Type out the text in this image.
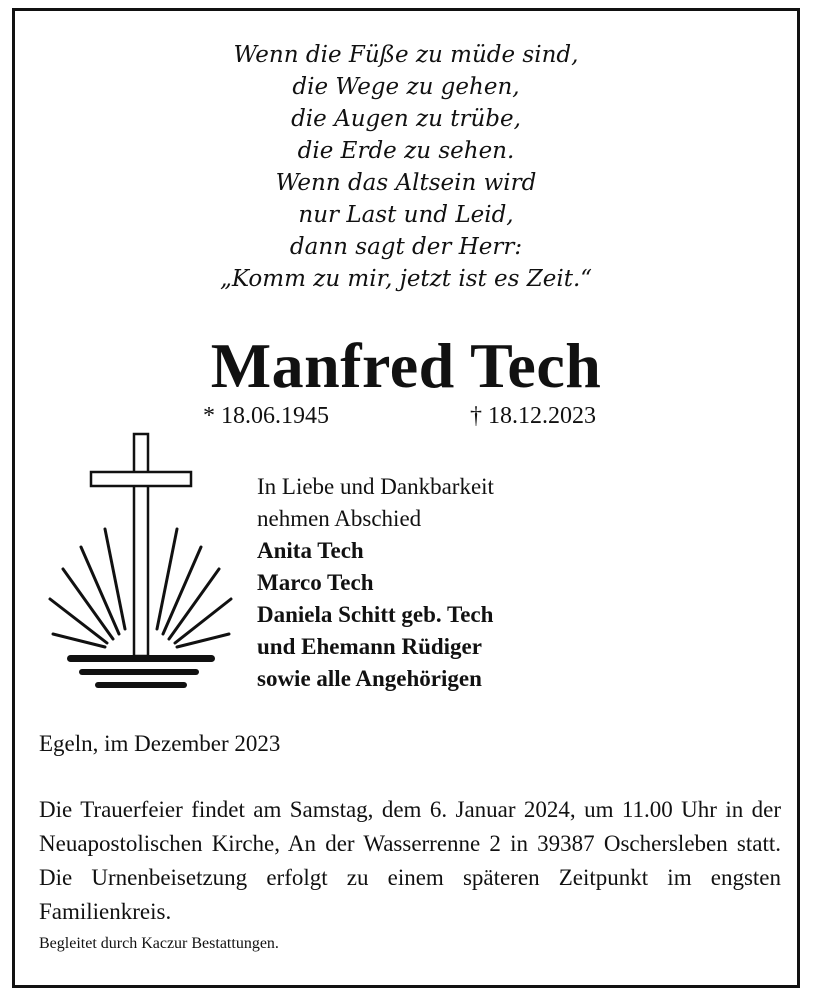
Wenn die Füße zu müde sind,
die Wege zu gehen,
die Augen zu trübe,
die Erde zu sehen.
Wenn das Altsein wird
nur Last und Leid,
dann sagt der Herr:
„Komm zu mir, jetzt ist es Zeit.“
Manfred Tech
* 18.06.1945	† 18.12.2023
In Liebe und Dankbarkeit
nehmen Abschied
Anita Tech
Marco Tech
Daniela Schitt geb. Tech
und Ehemann Rüdiger
sowie alle Angehörigen
Egeln, im Dezember 2023
Die Trauerfeier findet am Samstag, dem 6. Januar 2024, um 11.00 Uhr in der Neuapostolischen Kirche, An der Wasserrenne 2 in 39387 Oschersleben statt. Die Urnenbeisetzung erfolgt zu einem späteren Zeitpunkt im engsten Familienkreis.
Begleitet durch Kaczur Bestattungen.
